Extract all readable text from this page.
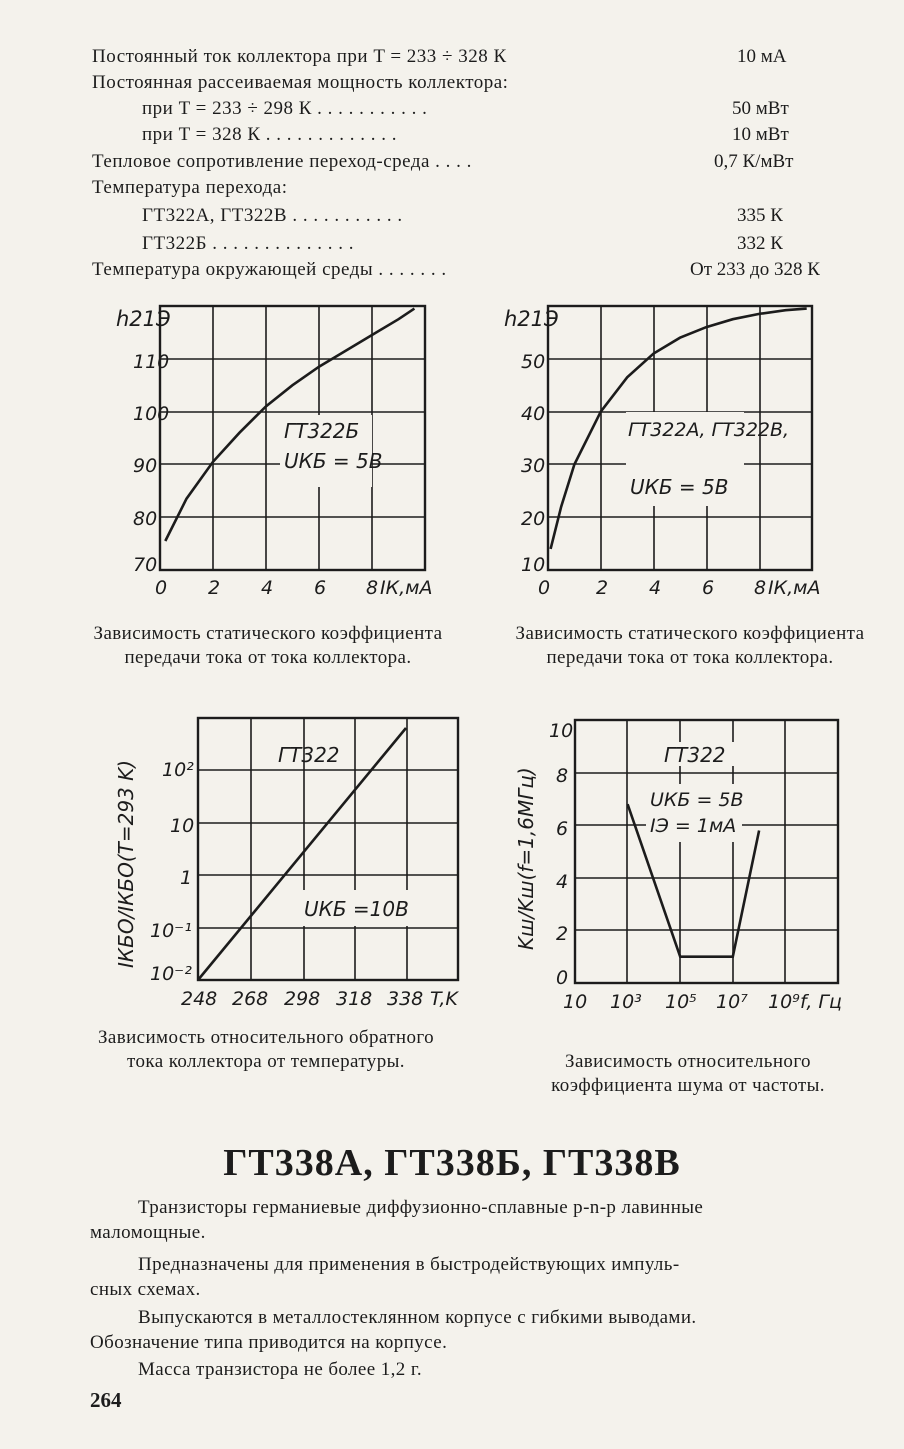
Постоянный ток коллектора при T = 233 ÷ 328 К	10 мА
Постоянная рассеиваемая мощность коллектора:
при T = 233 ÷ 298 К . . . . . . . . . . .	50 мВт
при T = 328 К . . . . . . . . . . . . .	10 мВт
Тепловое сопротивление переход-среда . . . .	0,7 К/мВт
Температура перехода:
ГТ322А, ГТ322В . . . . . . . . . . .	335 К
ГТ322Б . . . . . . . . . . . . . .	332 К
Температура окружающей среды . . . . . . .	От 233 до 328 К
h21Э
110
100
90
80
70
0 2 4 6 8 IК,мА
ГТ322Б
UКБ = 5В
h21Э
50
40
30
20
10
0 2 4 6 8 IК,мА
ГТ322А, ГТ322В,
UКБ = 5В
IКБО/IКБО(T=293 K) 10²
10
1
10⁻¹
10⁻²
248 268 298 318 338 T,K
ГТ322
UКБ =10В	Kш/Kш(f=1,6МГц)
10
8
6
4
2
0
10 10³ 10⁵ 10⁷ 10⁹ f, Гц
ГТ322
UКБ = 5В
IЭ = 1мА
Зависимость статического коэффициента передачи тока от тока коллектора.
Зависимость статического коэффициента передачи тока от тока коллектора.
Зависимость относительного обратного тока коллектора от температуры.	Зависимость относительного коэффициента шума от частоты.
ГТ338А, ГТ338Б, ГТ338В
Транзисторы германиевые диффузионно-сплавные p-n-p лавинные
маломощные.
Предназначены для применения в быстродействующих импуль-
сных схемах.
Выпускаются в металлостеклянном корпусе с гибкими выводами.
Обозначение типа приводится на корпусе.
Масса транзистора не более 1,2 г.
264
